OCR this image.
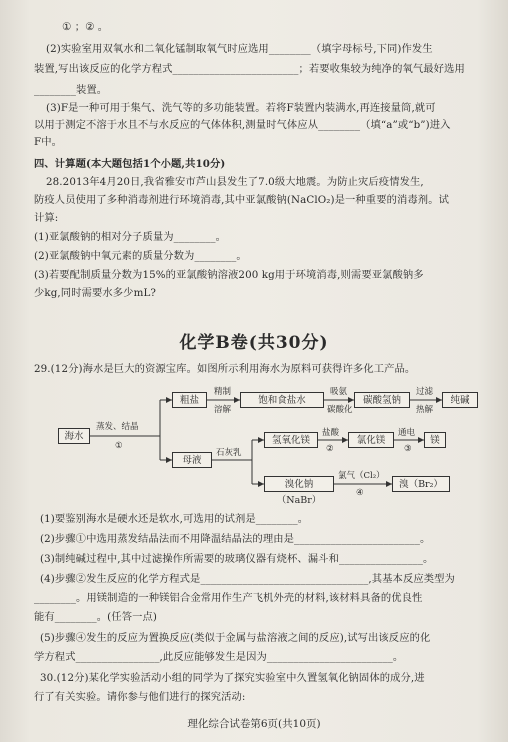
① ；② 。
(2)实验室用双氧水和二氧化锰制取氧气时应选用________（填字母标号,下同)作发生
装置,写出该反应的化学方程式________________________；若要收集较为纯净的氧气最好选用
________装置。
(3)F是一种可用于集气、洗气等的多功能装置。若将F装置内装满水,再连接量筒,就可
以用于测定不溶于水且不与水反应的气体体积,测量时气体应从________（填“a”或“b”)进入
F中。
四、计算题(本大题包括1个小题,共10分)
28.2013年4月20日,我省雅安市芦山县发生了7.0级大地震。为防止灾后疫情发生,
防疫人员使用了多种消毒剂进行环境消毒,其中亚氯酸钠(NaClO₂)是一种重要的消毒剂。试
计算:
(1)亚氯酸钠的相对分子质量为________。
(2)亚氯酸钠中氧元素的质量分数为________。
(3)若要配制质量分数为15%的亚氯酸钠溶液200 kg用于环境消毒,则需要亚氯酸钠多
少kg,同时需要水多少mL?
化学B卷(共30分)
29.(12分)海水是巨大的资源宝库。如图所示利用海水为原料可获得许多化工产品。
海水
蒸发、结晶
①
粗盐
精制
溶解
饱和食盐水
吸氨
碳酸化
碳酸氢钠
过滤
热解
纯碱
母液
石灰乳
氢氧化镁
盐酸
②
氯化镁
通电
③
镁
溴化钠（NaBr）
氯气（Cl₂）
④
溴（Br₂）
(1)要鉴别海水是硬水还是软水,可选用的试剂是________。
(2)步骤①中选用蒸发结晶法而不用降温结晶法的理由是________________________。
(3)制纯碱过程中,其中过滤操作所需要的玻璃仪器有烧杯、漏斗和________________。
(4)步骤②发生反应的化学方程式是________________________________,其基本反应类型为
________。用镁制造的一种镁铝合金常用作生产飞机外壳的材料,该材料具备的优良性
能有________。(任答一点)
(5)步骤④发生的反应为置换反应(类似于金属与盐溶液之间的反应),试写出该反应的化
学方程式________________,此反应能够发生是因为________________________。
30.(12分)某化学实验活动小组的同学为了探究实验室中久置氢氧化钠固体的成分,进
行了有关实验。请你参与他们进行的探究活动:
理化综合试卷第6页(共10页)
